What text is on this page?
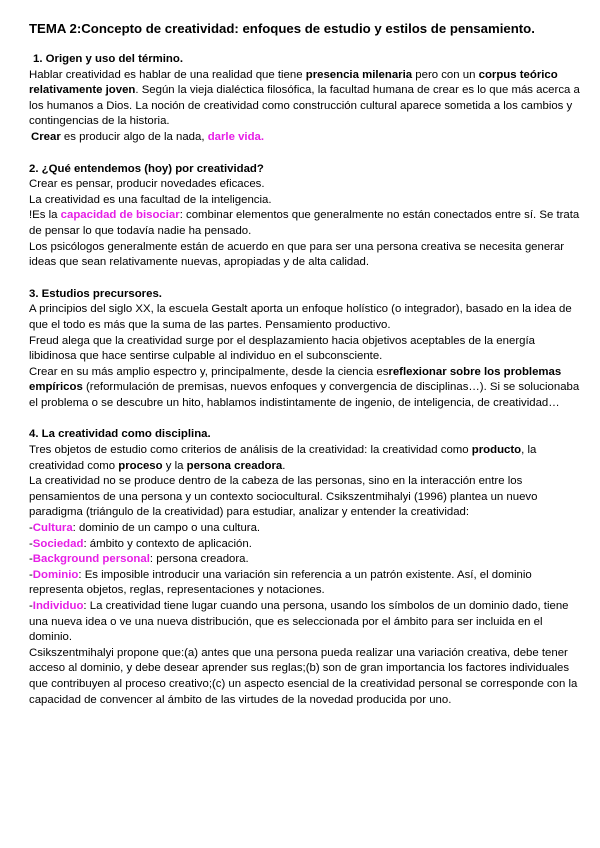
TEMA 2:Concepto de creatividad: enfoques de estudio y estilos de pensamiento.

1. Origen y uso del término.

Hablar creatividad es hablar de una realidad que tiene presencia milenaria pero con un corpus teórico relativamente joven. Según la vieja dialéctica filosófica, la facultad humana de crear es lo que más acerca a los humanos a Dios. La noción de creatividad como construcción cultural aparece sometida a los cambios y contingencias de la historia.

Crear es producir algo de la nada, darle vida.

2. ¿Qué entendemos (hoy) por creatividad?

Crear es pensar, producir novedades eficaces.

La creatividad es una facultad de la inteligencia.

!Es la capacidad de bisociar: combinar elementos que generalmente no están conectados entre sí. Se trata de pensar lo que todavía nadie ha pensado.

Los psicólogos generalmente están de acuerdo en que para ser una persona creativa se necesita generar ideas que sean relativamente nuevas, apropiadas y de alta calidad.

3. Estudios precursores.

A principios del siglo XX, la escuela Gestalt aporta un enfoque holístico (o integrador), basado en la idea de que el todo es más que la suma de las partes. Pensamiento productivo.

Freud alega que la creatividad surge por el desplazamiento hacia objetivos aceptables de la energía libidinosa que hace sentirse culpable al individuo en el subconsciente.

Crear en su más amplio espectro y, principalmente, desde la ciencia esreflexionar sobre los problemas empíricos (reformulación de premisas, nuevos enfoques y convergencia de disciplinas…). Si se solucionaba el problema o se descubre un hito, hablamos indistintamente de ingenio, de inteligencia, de creatividad…

4. La creatividad como disciplina.

Tres objetos de estudio como criterios de análisis de la creatividad: la creatividad como producto, la creatividad como proceso y la persona creadora.

La creatividad no se produce dentro de la cabeza de las personas, sino en la interacción entre los pensamientos de una persona y un contexto sociocultural. Csikszentmihalyi (1996) plantea un nuevo paradigma (triángulo de la creatividad) para estudiar, analizar y entender la creatividad:

-Cultura: dominio de un campo o una cultura.

-Sociedad: ámbito y contexto de aplicación.

-Background personal: persona creadora.

-Dominio: Es imposible introducir una variación sin referencia a un patrón existente. Así, el dominio representa objetos, reglas, representaciones y notaciones.

-Individuo: La creatividad tiene lugar cuando una persona, usando los símbolos de un dominio dado, tiene una nueva idea o ve una nueva distribución, que es seleccionada por el ámbito para ser incluida en el dominio.

Csikszentmihalyi propone que:(a) antes que una persona pueda realizar una variación creativa, debe tener acceso al dominio, y debe desear aprender sus reglas;(b) son de gran importancia los factores individuales que contribuyen al proceso creativo;(c) un aspecto esencial de la creatividad personal se corresponde con la capacidad de convencer al ámbito de las virtudes de la novedad producida por uno.
